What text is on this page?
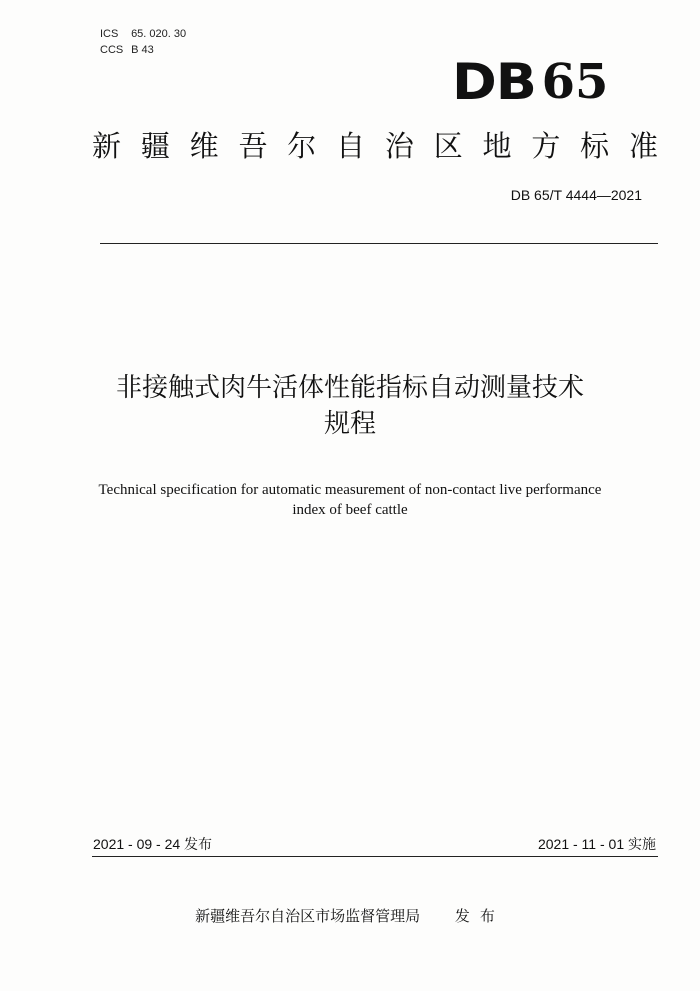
ICS 65. 020. 30
CCS B 43
DB 65
新 疆 维 吾 尔 自 治 区 地 方 标 准
DB 65/T 4444—2021
非接触式肉牛活体性能指标自动测量技术
规程
Technical specification for automatic measurement of non-contact live performance
index of beef cattle
2021 - 09 - 24 发布	2021 - 11 - 01 实施
新疆维吾尔自治区市场监督管理局 发布
